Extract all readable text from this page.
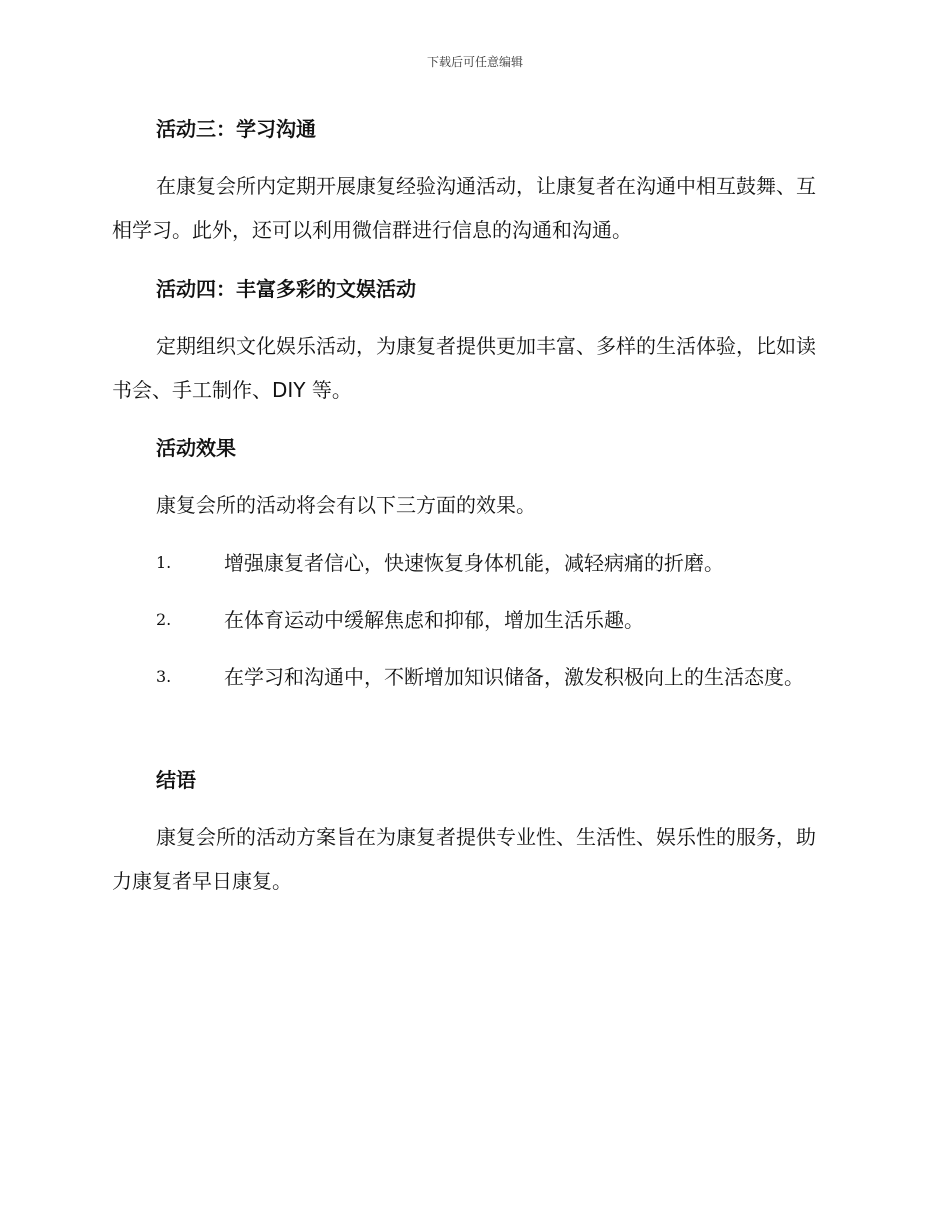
下载后可任意编辑
活动三：学习沟通
在康复会所内定期开展康复经验沟通活动，让康复者在沟通中相互鼓舞、互相学习。此外，还可以利用微信群进行信息的沟通和沟通。
活动四：丰富多彩的文娱活动
定期组织文化娱乐活动，为康复者提供更加丰富、多样的生活体验，比如读书会、手工制作、DIY 等。
活动效果
康复会所的活动将会有以下三方面的效果。
1.	增强康复者信心，快速恢复身体机能，减轻病痛的折磨。
2.	在体育运动中缓解焦虑和抑郁，增加生活乐趣。
3.	在学习和沟通中，不断增加知识储备，激发积极向上的生活态度。
结语
康复会所的活动方案旨在为康复者提供专业性、生活性、娱乐性的服务，助力康复者早日康复。
